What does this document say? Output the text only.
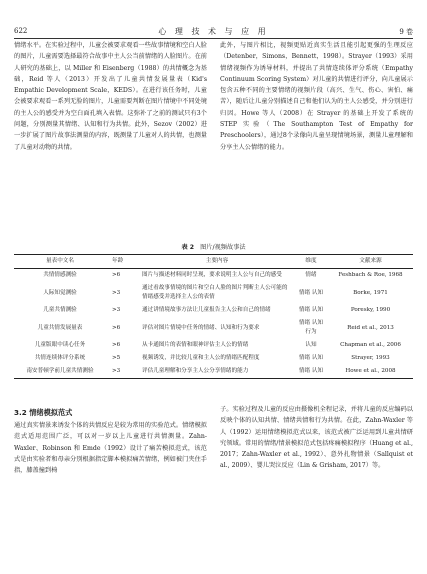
622	心 理 技 术 与 应 用	9 卷

情绪水平。在实验过程中，儿童会被要求观看一些故事情境和空白人脸的图片，儿童需要选择最符合故事中主人公当前情绪的人脸图片。在前人研究的基础上，以 Miller 和 Eisenberg（1988）的共情概念为基础，Reid 等人（2013）开发出了儿童共情发展量表（Kid's Empathic Development Scale，KEDS）。在进行该任务时，儿童会被要求观看一系列无脸的图片，儿童需要判断在图片情境中不同处境的主人公的感受并为空白面孔填入表情。这弥补了之前的测试只有3个问题，分别测量其情绪、认知和行为共情。此外，Sezov（2002）进一步扩展了图片故事法测量的内容，既测量了儿童对人的共情，也测量了儿童对动物的共情。

此外，与图片相比，视频更贴近真实生活且能引起更强的生理反应（Detenber，Simons，Bennett，1998）。Strayer（1993）采用情绪视频作为诱导材料，并提出了共情连续体评分系统（Empathy Continuum Scoring System）对儿童的共情进行评分，向儿童展示包含五种不同的主要情绪的视频片段（高兴、生气、伤心、害怕、痛苦），随后让儿童分别描述自己和他们认为的主人公感受，并分别进行归因。Howe 等人（2008）在 Strayer 的基础上开发了系统的 STEP 实验（The Southampton Test of Empathy for Preschoolers），通过8个录像向儿童呈现情境场景，测量儿童理解和分享主人公情绪的能力。

表 2 图片/视频故事法
量表中文名	年龄	主要内容	维度	文献来源
共情情感测验	>6	图片与描述材料同时呈现，要求说明主人公与自己的感受	情绪	Feshbach & Roe, 1968
人际知觉测验	>3	通过看故事情境的图片和空白人脸的图片判断主人公可能的情绪感受并选择主人公的表情	情绪 认知	Borke, 1971
儿童共情测验	>3	通过讲情境故事方法让儿童报告主人公和自己的情绪	情绪 认知	Poresky, 1990
儿童共情发展量表	>6	评估对图片情境中任务的情绪、认知和行为要求	情绪 认知 行为	Reid et al., 2013
儿童版眼中读心任务	>6	从卡通图片的表情和眼神评估主人公的情绪	认知	Chapman et al., 2006
共情连续体评分系统	>5	视频诱发，并比较儿童和主人公的情绪匹配程度	情绪 认知	Strayer, 1993
南安普顿学前儿童共情测验	>3	评估儿童理解和分享主人公分享情绪的能力	情绪 认知	Howe et al., 2008
3.2 情绪模拟范式

通过真实情景来诱发个体的共情反应是较为常用的实验范式。情绪模拟范式适用范围广泛，可以对一岁以上儿童进行共情测量。Zahn-Waxler、Robinson 和 Emde（1992）设计了痛苦模拟范式，该范式是由实验者和母亲分别根据指定脚本模拟痛苦情绪，例如被门夹住手指，膝盖撞到椅

子。实验过程及儿童的反应由摄像机全程记录，并将儿童的反应编码以反映个体的认知共情、情绪共情和行为共情。在此，Zahn-Waxler 等人（1992）运用情绪模拟范式以来，该范式被广泛运用到儿童共情研究领域。常用的情绪/情景模拟范式包括疼痛模拟程序（Huang et al., 2017；Zahn-Waxler et al., 1992）、意外扎物情景（Sallquist et al., 2009）、婴儿哭泣反应（Lin & Grisham, 2017）等。
